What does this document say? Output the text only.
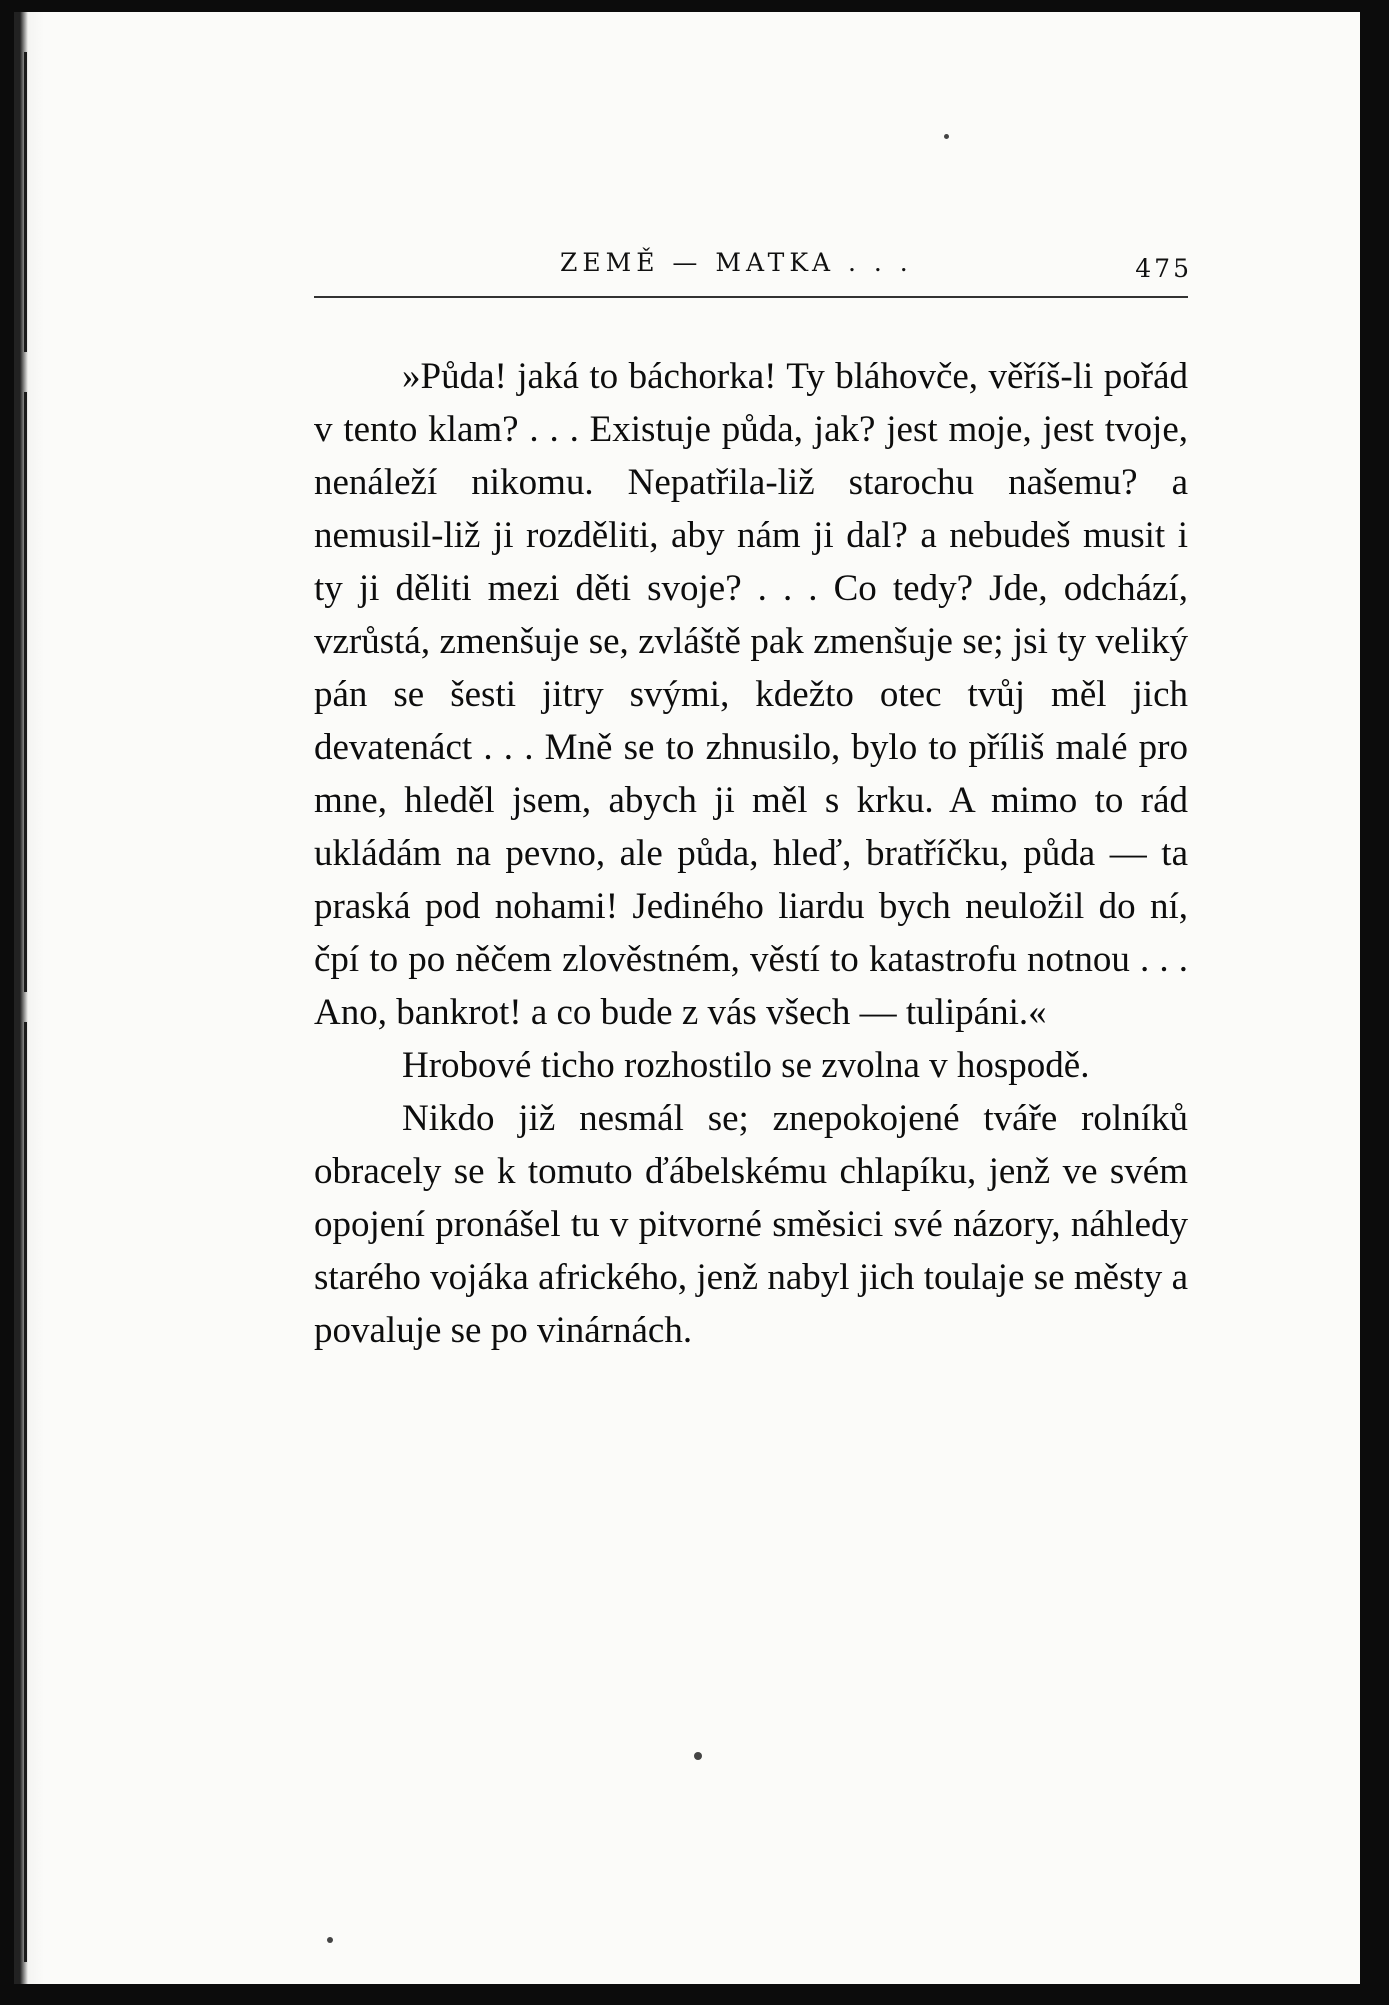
ZEMĚ — MATKA . . .	475

»Půda! jaká to báchorka! Ty bláhovče, věříš-li pořád v tento klam? . . . Existuje půda, jak? jest moje, jest tvoje, nenáleží nikomu. Nepatřila-liž starochu našemu? a nemusil-liž ji rozděliti, aby nám ji dal? a nebudeš musit i ty ji děliti mezi děti svoje? . . . Co tedy? Jde, odchází, vzrůstá, zmenšuje se, zvláště pak zmenšuje se; jsi ty veliký pán se šesti jitry svými, kdežto otec tvůj měl jich devatenáct . . . Mně se to zhnusilo, bylo to příliš malé pro mne, hleděl jsem, abych ji měl s krku. A mimo to rád ukládám na pevno, ale půda, hleď, bratříčku, půda — ta praská pod nohami! Jediného liardu bych neuložil do ní, čpí to po něčem zlověstném, věstí to katastrofu notnou . . . Ano, bankrot! a co bude z vás všech — tulipáni.«

Hrobové ticho rozhostilo se zvolna v hospodě.

Nikdo již nesmál se; znepokojené tváře rolníků obracely se k tomuto ďábelskému chlapíku, jenž ve svém opojení pronášel tu v pitvorné směsici své názory, náhledy starého vojáka afrického, jenž nabyl jich toulaje se městy a povaluje se po vinárnách.
